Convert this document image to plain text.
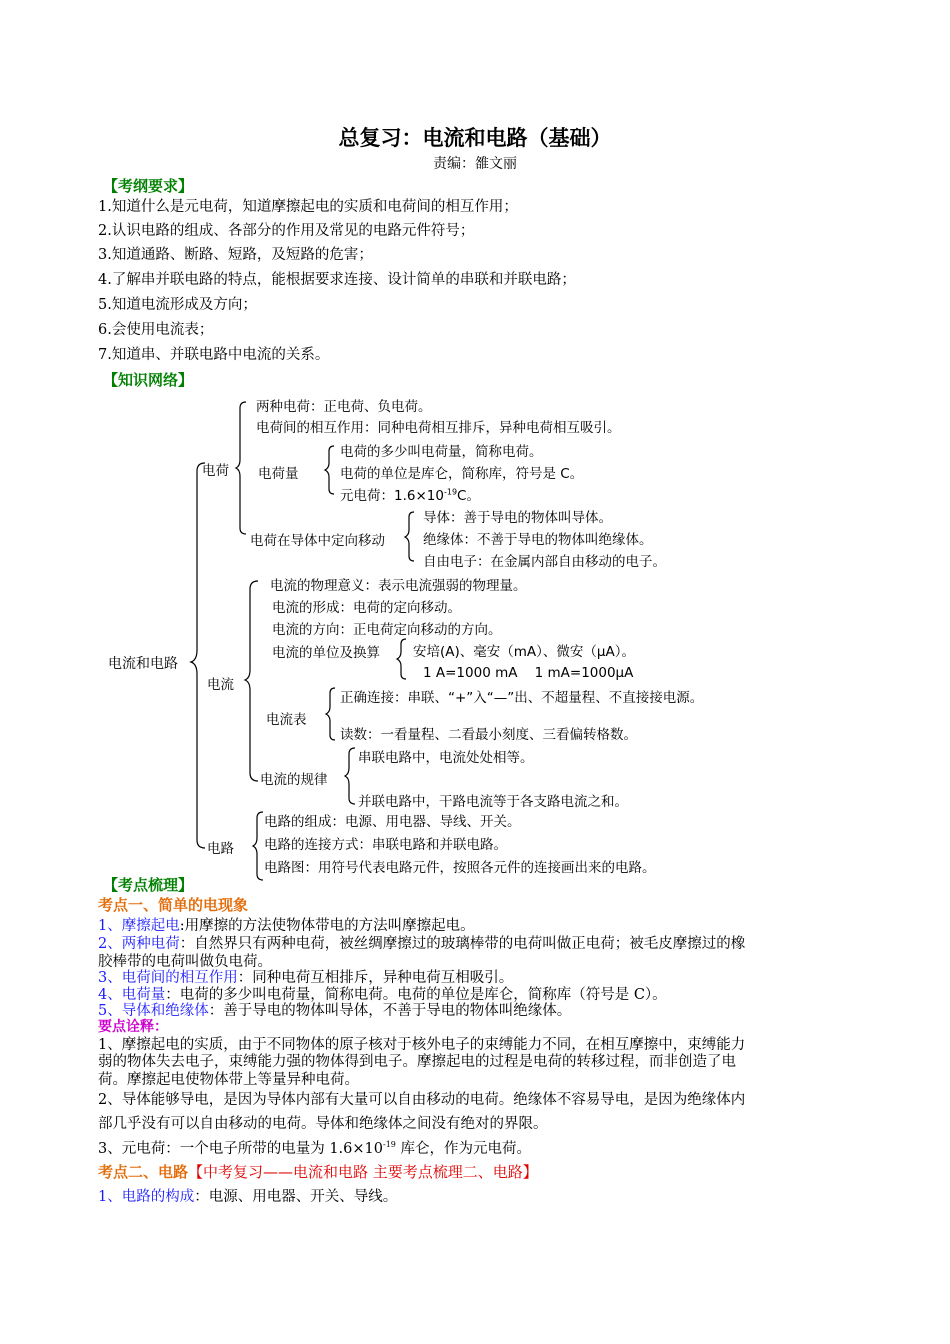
总复习：电流和电路（基础）
责编：雒文丽
【考纲要求】
1.知道什么是元电荷，知道摩擦起电的实质和电荷间的相互作用；
2.认识电路的组成、各部分的作用及常见的电路元件符号；
3.知道通路、断路、短路，及短路的危害；
4.了解串并联电路的特点，能根据要求连接、设计简单的串联和并联电路；
5.知道电流形成及方向；
6.会使用电流表；
7.知道串、并联电路中电流的关系。
【知识网络】
电流和电路
电荷
两种电荷：正电荷、负电荷。
电荷间的相互作用：同种电荷相互排斥，异种电荷相互吸引。
电荷量
电荷的多少叫电荷量，简称电荷。
电荷的单位是库仑，简称库，符号是 C。
元电荷：$1.6\times 10^{-19}C$。
电荷在导体中定向移动
导体：善于导电的物体叫导体。
绝缘体：不善于导电的物体叫绝缘体。
自由电子：在金属内部自由移动的电子。
电流
电流的物理意义：表示电流强弱的物理量。
电流的形成：电荷的定向移动。
电流的方向：正电荷定向移动的方向。
电流的单位及换算 安培(A)、毫安（mA）、微安（μA）。
1 A=1000 mA    1 mA=1000μA
电流表
正确连接：串联、“+”入“—”出、不超量程、不直接接电源。
读数：一看量程、二看最小刻度、三看偏转格数。
电流的规律
串联电路中，电流处处相等。
并联电路中，干路电流等于各支路电流之和。
电路
电路的组成：电源、用电器、导线、开关。
电路的连接方式：串联电路和并联电路。
电路图：用符号代表电路元件，按照各元件的连接画出来的电路。
【考点梳理】
考点一、简单的电现象
1、摩擦起电:用摩擦的方法使物体带电的方法叫摩擦起电。
2、两种电荷：自然界只有两种电荷，被丝绸摩擦过的玻璃棒带的电荷叫做正电荷；被毛皮摩擦过的橡
胶棒带的电荷叫做负电荷。
3、电荷间的相互作用：同种电荷互相排斥，异种电荷互相吸引。
4、电荷量：电荷的多少叫电荷量，简称电荷。电荷的单位是库仑，简称库（符号是 C）。
5、导体和绝缘体：善于导电的物体叫导体，不善于导电的物体叫绝缘体。
要点诠释：
1、摩擦起电的实质，由于不同物体的原子核对于核外电子的束缚能力不同，在相互摩擦中，束缚能力
弱的物体失去电子，束缚能力强的物体得到电子。摩擦起电的过程是电荷的转移过程，而非创造了电
荷。摩擦起电使物体带上等量异种电荷。
2、导体能够导电，是因为导体内部有大量可以自由移动的电荷。绝缘体不容易导电，是因为绝缘体内
部几乎没有可以自由移动的电荷。导体和绝缘体之间没有绝对的界限。
3、元电荷：一个电子所带的电量为 $1.6\times 10^{-19}$ 库仑，作为元电荷。
考点二、电路【中考复习——电流和电路 主要考点梳理二、电路】
1、电路的构成：电源、用电器、开关、导线。
